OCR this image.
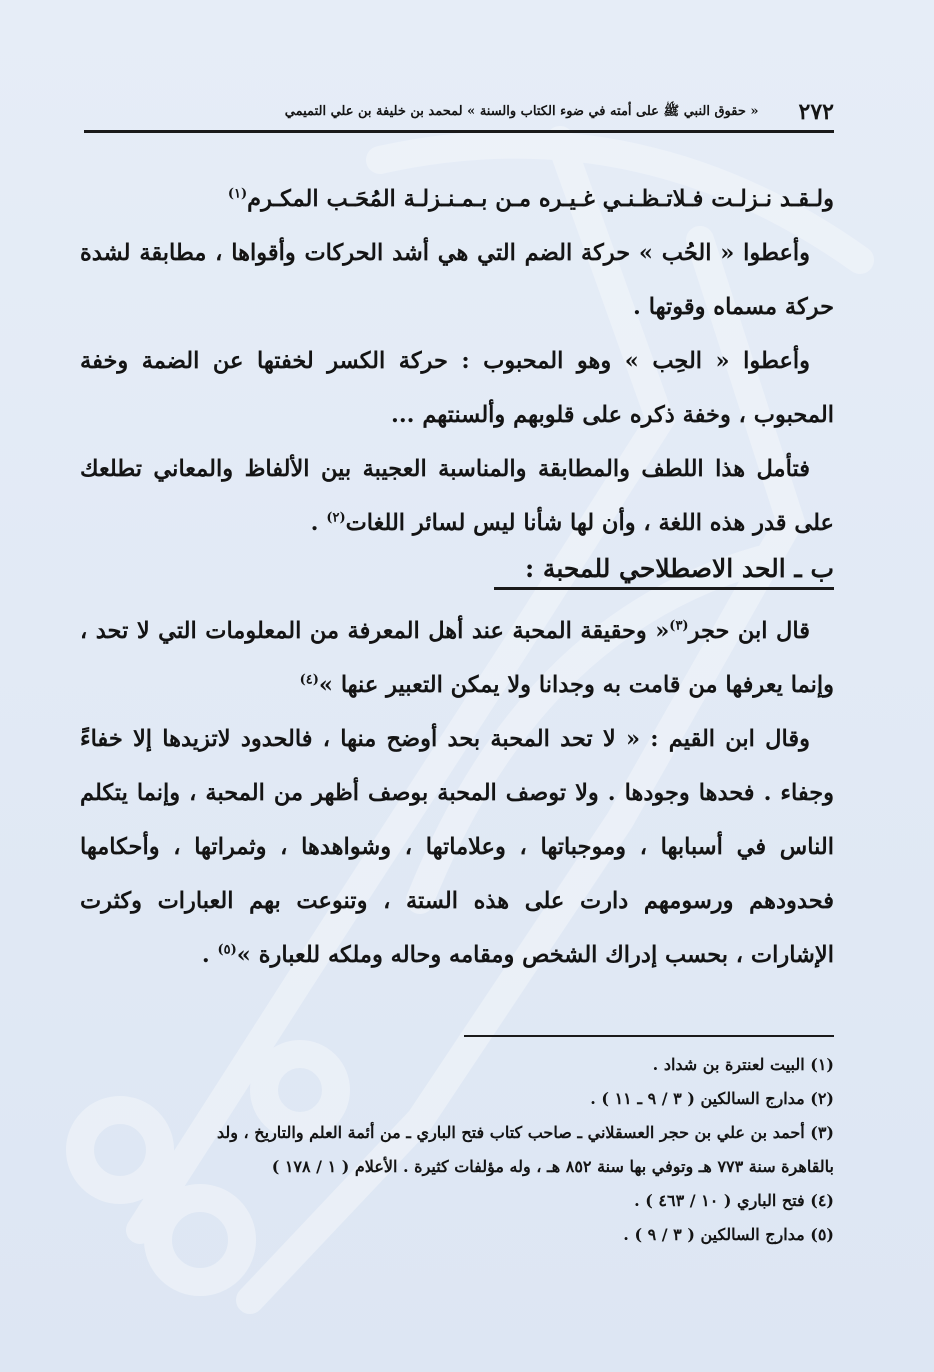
٢٧٢
« حقوق النبي ﷺ على أمته في ضوء الكتاب والسنة » لمحمد بن خليفة بن علي التميمي

ولـقـد نـزلـت فـلاتـظـنـي غـيـره مـن بـمـنـزلـة المُحَـب المكـرم$^{(١)}$

وأعطوا « الحُب » حركة الضم التي هي أشد الحركات وأقواها ، مطابقة لشدة حركة مسماه وقوتها .

وأعطوا « الحِب » وهو المحبوب : حركة الكسر لخفتها عن الضمة وخفة المحبوب ، وخفة ذكره على قلوبهم وألسنتهم ...

فتأمل هذا اللطف والمطابقة والمناسبة العجيبة بين الألفاظ والمعاني تطلعك على قدر هذه اللغة ، وأن لها شأنا ليس لسائر اللغات$^{(٢)}$ .

ب ـ الحد الاصطلاحي للمحبة :

قال ابن حجر$^{(٣)}$« وحقيقة المحبة عند أهل المعرفة من المعلومات التي لا تحد ، وإنما يعرفها من قامت به وجدانا ولا يمكن التعبير عنها »$^{(٤)}$

وقال ابن القيم : « لا تحد المحبة بحد أوضح منها ، فالحدود لاتزيدها إلا خفاءً وجفاء . فحدها وجودها . ولا توصف المحبة بوصف أظهر من المحبة ، وإنما يتكلم الناس في أسبابها ، وموجباتها ، وعلاماتها ، وشواهدها ، وثمراتها ، وأحكامها فحدودهم ورسومهم دارت على هذه الستة ، وتنوعت بهم العبارات وكثرت الإشارات ، بحسب إدراك الشخص ومقامه وحاله وملكه للعبارة »$^{(٥)}$ .

(١) البيت لعنترة بن شداد .
(٢) مدارج السالكين ( ٣ / ٩ ـ ١١ ) .
(٣) أحمد بن علي بن حجر العسقلاني ـ صاحب كتاب فتح الباري ـ من أئمة العلم والتاريخ ، ولد
بالقاهرة سنة ٧٧٣ هـ وتوفي بها سنة ٨٥٢ هـ ، وله مؤلفات كثيرة . الأعلام ( ١ / ١٧٨ )
(٤) فتح الباري ( ١٠ / ٤٦٣ ) .
(٥) مدارج السالكين ( ٣ / ٩ ) .
